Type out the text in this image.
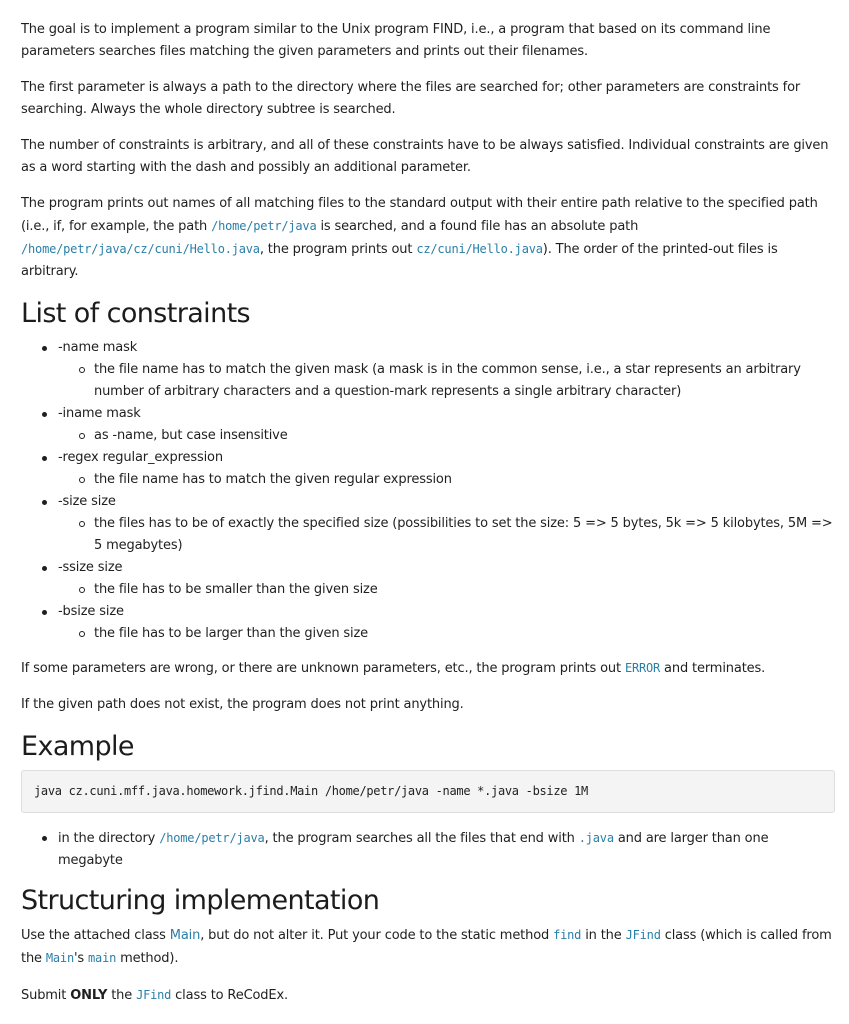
The goal is to implement a program similar to the Unix program FIND, i.e., a program that based on its command line parameters searches files matching the given parameters and prints out their filenames.

The first parameter is always a path to the directory where the files are searched for; other parameters are constraints for searching. Always the whole directory subtree is searched.

The number of constraints is arbitrary, and all of these constraints have to be always satisfied. Individual constraints are given as a word starting with the dash and possibly an additional parameter.

The program prints out names of all matching files to the standard output with their entire path relative to the specified path (i.e., if, for example, the path /home/petr/java is searched, and a found file has an absolute path /home/petr/java/cz/cuni/Hello.java, the program prints out cz/cuni/Hello.java). The order of the printed-out files is arbitrary.

List of constraints
-name mask
the file name has to match the given mask (a mask is in the common sense, i.e., a star represents an arbitrary number of arbitrary characters and a question-mark represents a single arbitrary character)
-iname mask
as -name, but case insensitive
-regex regular_expression
the file name has to match the given regular expression
-size size
the files has to be of exactly the specified size (possibilities to set the size: 5 => 5 bytes, 5k => 5 kilobytes, 5M => 5 megabytes)
-ssize size
the file has to be smaller than the given size
-bsize size
the file has to be larger than the given size

If some parameters are wrong, or there are unknown parameters, etc., the program prints out ERROR and terminates.

If the given path does not exist, the program does not print anything.

Example
java cz.cuni.mff.java.homework.jfind.Main /home/petr/java -name *.java -bsize 1M
in the directory /home/petr/java, the program searches all the files that end with .java and are larger than one megabyte
Structuring implementation

Use the attached class Main, but do not alter it. Put your code to the static method find in the JFind class (which is called from the Main's main method).

Submit ONLY the JFind class to ReCodEx.
